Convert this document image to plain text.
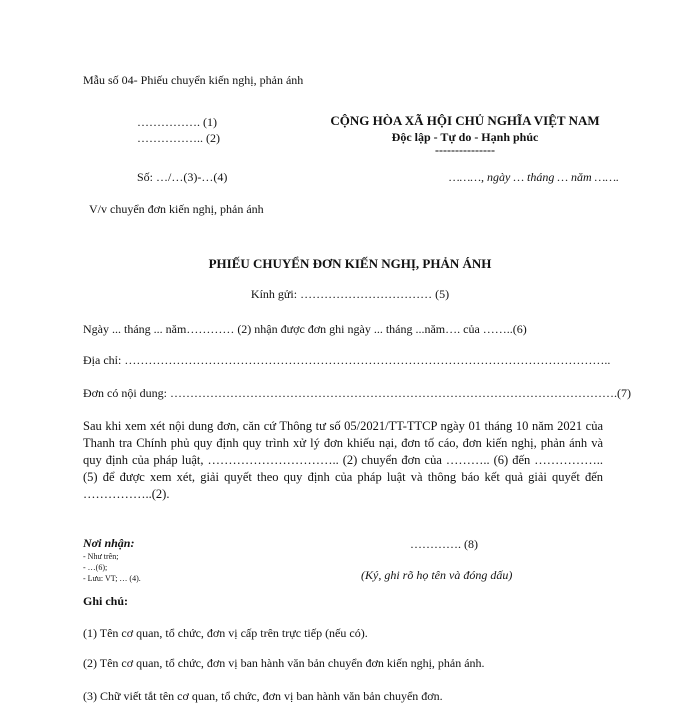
Mẫu số 04- Phiếu chuyển kiến nghị, phản ánh
……………. (1)
…………….. (2)
CỘNG HÒA XÃ HỘI CHỦ NGHĨA VIỆT NAM
Độc lập - Tự do - Hạnh phúc
---------------
Số: …/…(3)-…(4)	………, ngày … tháng … năm …….
V/v chuyển đơn kiến nghị, phản ánh
PHIẾU CHUYỂN ĐƠN KIẾN NGHỊ, PHẢN ÁNH
Kính gửi: …………………………… (5)
Ngày ... tháng ... năm………… (2) nhận được đơn ghi ngày ... tháng ...năm…. của ……..(6)
Địa chỉ: …………………………………………………………………………………………………………..
Đơn có nội dung: ………………………………………………………………………………………………….(7)
Sau khi xem xét nội dung đơn, căn cứ Thông tư số 05/2021/TT-TTCP ngày 01 tháng 10 năm 2021 của Thanh tra Chính phủ quy định quy trình xử lý đơn khiếu nại, đơn tố cáo, đơn kiến nghị, phản ánh và quy định của pháp luật, ………………………….. (2) chuyển đơn của ……….. (6) đến ……………..(5) để được xem xét, giải quyết theo quy định của pháp luật và thông báo kết quả giải quyết đến ……………..(2).
Nơi nhận:
- Như trên;
- …(6);
- Lưu: VT; … (4).
…………. (8)
(Ký, ghi rõ họ tên và đóng dấu)
Ghi chú:
(1) Tên cơ quan, tổ chức, đơn vị cấp trên trực tiếp (nếu có).
(2) Tên cơ quan, tổ chức, đơn vị ban hành văn bản chuyển đơn kiến nghị, phản ánh.
(3) Chữ viết tắt tên cơ quan, tổ chức, đơn vị ban hành văn bản chuyển đơn.
